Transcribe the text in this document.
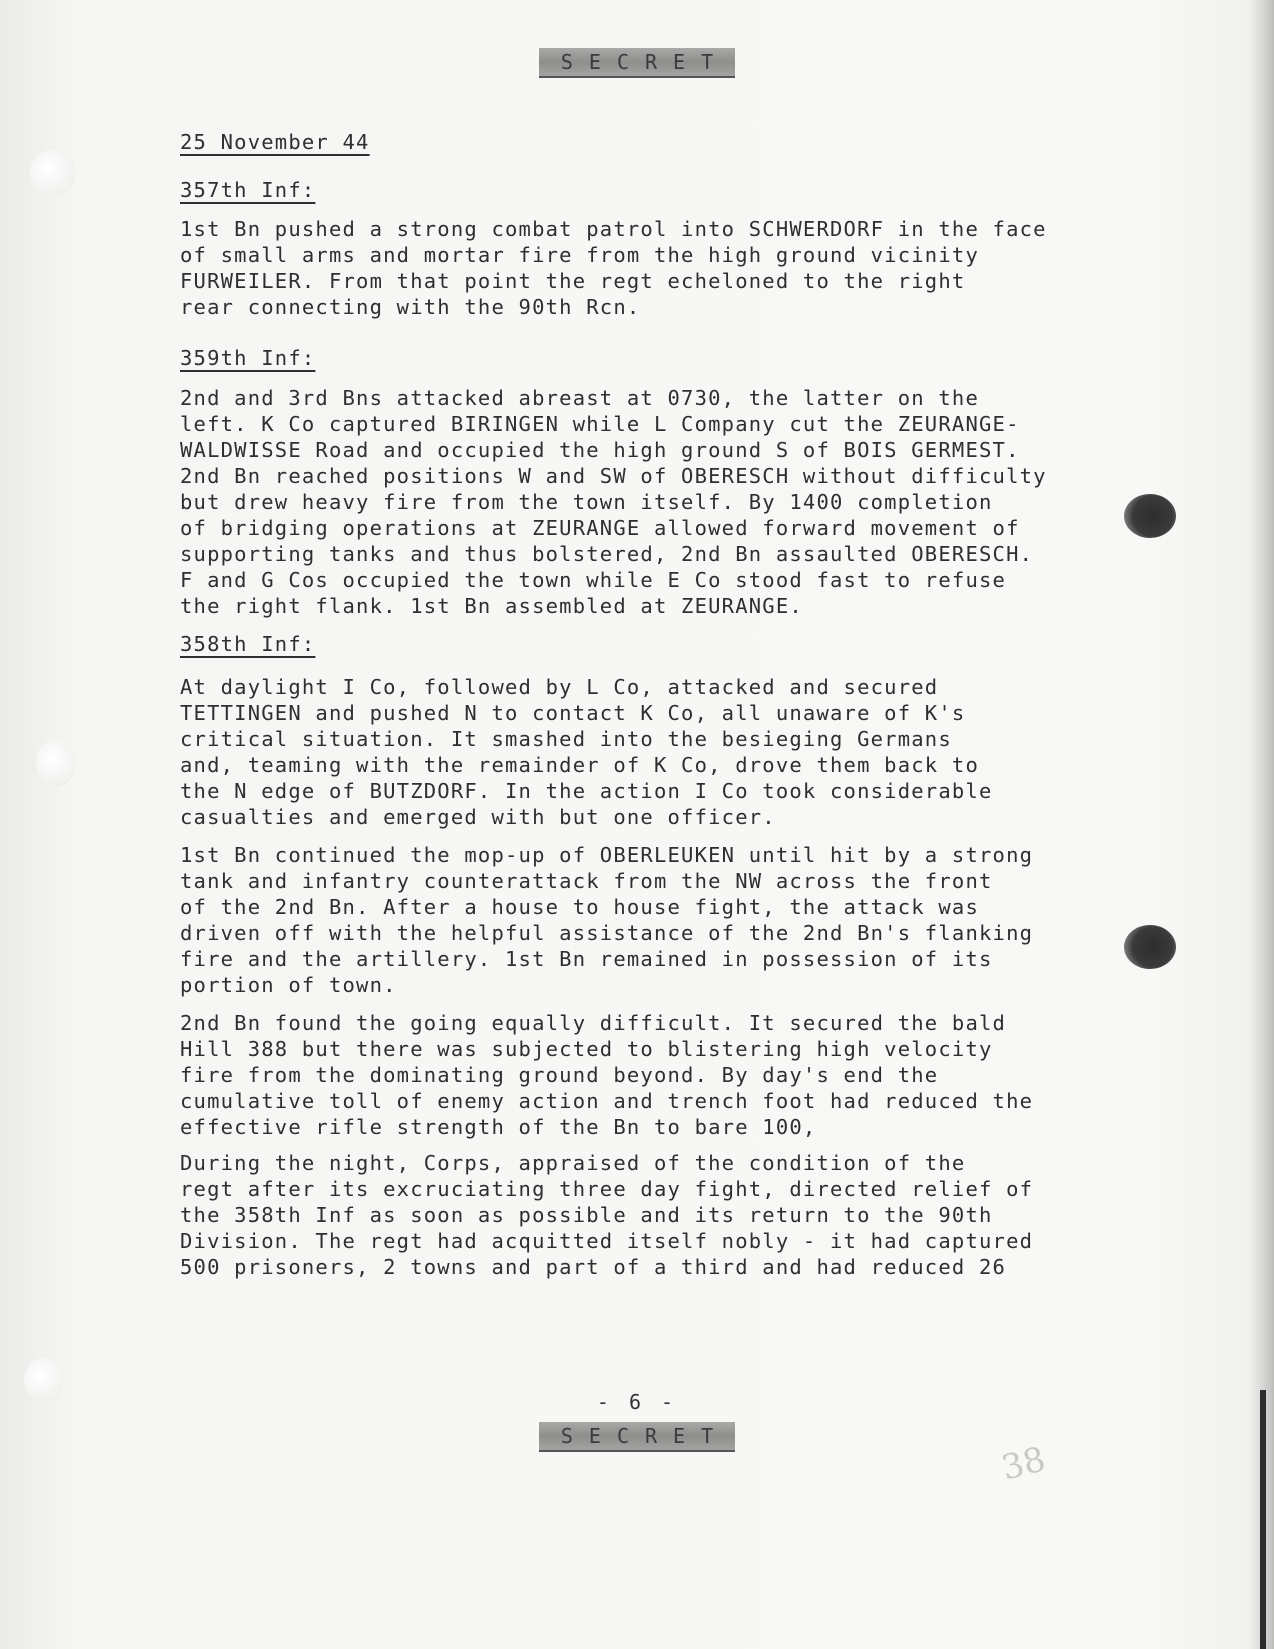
SECRET
25 November 44
357th Inf:
1st Bn pushed a strong combat patrol into SCHWERDORF in the face
of small arms and mortar fire from the high ground vicinity
FURWEILER. From that point the regt echeloned to the right
rear connecting with the 90th Rcn.
359th Inf:
2nd and 3rd Bns attacked abreast at 0730, the latter on the
left. K Co captured BIRINGEN while L Company cut the ZEURANGE-
WALDWISSE Road and occupied the high ground S of BOIS GERMEST.
2nd Bn reached positions W and SW of OBERESCH without difficulty
but drew heavy fire from the town itself. By 1400 completion
of bridging operations at ZEURANGE allowed forward movement of
supporting tanks and thus bolstered, 2nd Bn assaulted OBERESCH.
F and G Cos occupied the town while E Co stood fast to refuse
the right flank. 1st Bn assembled at ZEURANGE.
358th Inf:
At daylight I Co, followed by L Co, attacked and secured
TETTINGEN and pushed N to contact K Co, all unaware of K's
critical situation. It smashed into the besieging Germans
and, teaming with the remainder of K Co, drove them back to
the N edge of BUTZDORF. In the action I Co took considerable
casualties and emerged with but one officer.
1st Bn continued the mop-up of OBERLEUKEN until hit by a strong
tank and infantry counterattack from the NW across the front
of the 2nd Bn. After a house to house fight, the attack was
driven off with the helpful assistance of the 2nd Bn's flanking
fire and the artillery. 1st Bn remained in possession of its
portion of town.
2nd Bn found the going equally difficult. It secured the bald
Hill 388 but there was subjected to blistering high velocity
fire from the dominating ground beyond. By day's end the
cumulative toll of enemy action and trench foot had reduced the
effective rifle strength of the Bn to bare 100,
During the night, Corps, appraised of the condition of the
regt after its excruciating three day fight, directed relief of
the 358th Inf as soon as possible and its return to the 90th
Division. The regt had acquitted itself nobly - it had captured
500 prisoners, 2 towns and part of a third and had reduced 26
- 6 -
SECRET
38
